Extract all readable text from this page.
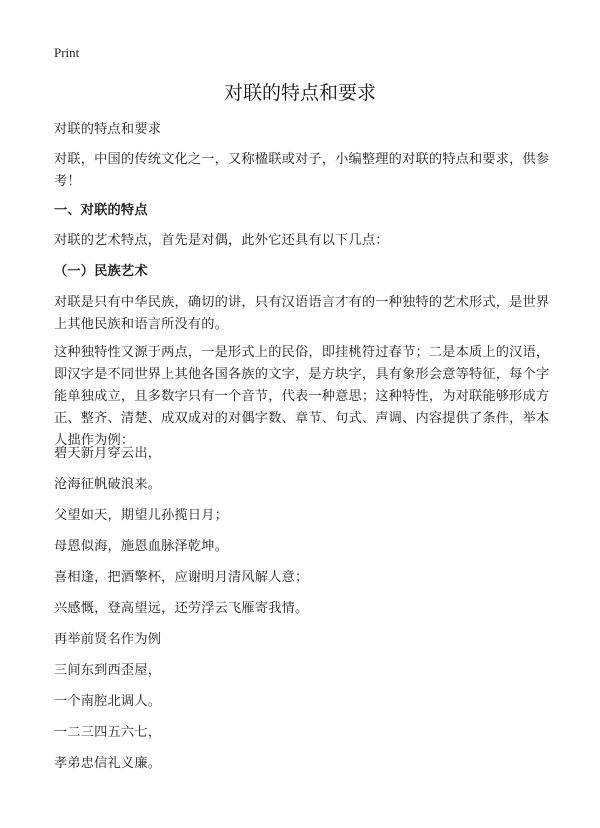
Print
对联的特点和要求

对联的特点和要求

对联，中国的传统文化之一，又称楹联或对子，小编整理的对联的特点和要求，供参考！

一、对联的特点

对联的艺术特点，首先是对偶，此外它还具有以下几点：

（一）民族艺术

对联是只有中华民族，确切的讲，只有汉语语言才有的一种独特的艺术形式，是世界上其他民族和语言所没有的。

这种独特性又源于两点，一是形式上的民俗，即挂桃符过春节；二是本质上的汉语，即汉字是不同世界上其他各国各族的文字，是方块字，具有象形会意等特征，每个字能单独成立，且多数字只有一个音节，代表一种意思；这种特性，为对联能够形成方正、整齐、清楚、成双成对的对偶字数、章节、句式、声调、内容提供了条件，举本人拙作为例：

碧天新月穿云出，

沧海征帆破浪来。

父望如天，期望儿孙揽日月；

母恩似海，施恩血脉泽乾坤。

喜相逢，把酒擎杯，应谢明月清风解人意；

兴感慨，登高望远，还劳浮云飞雁寄我情。

再举前贤名作为例

三间东到西歪屋，

一个南腔北调人。

一二三四五六七，

孝弟忠信礼义廉。
